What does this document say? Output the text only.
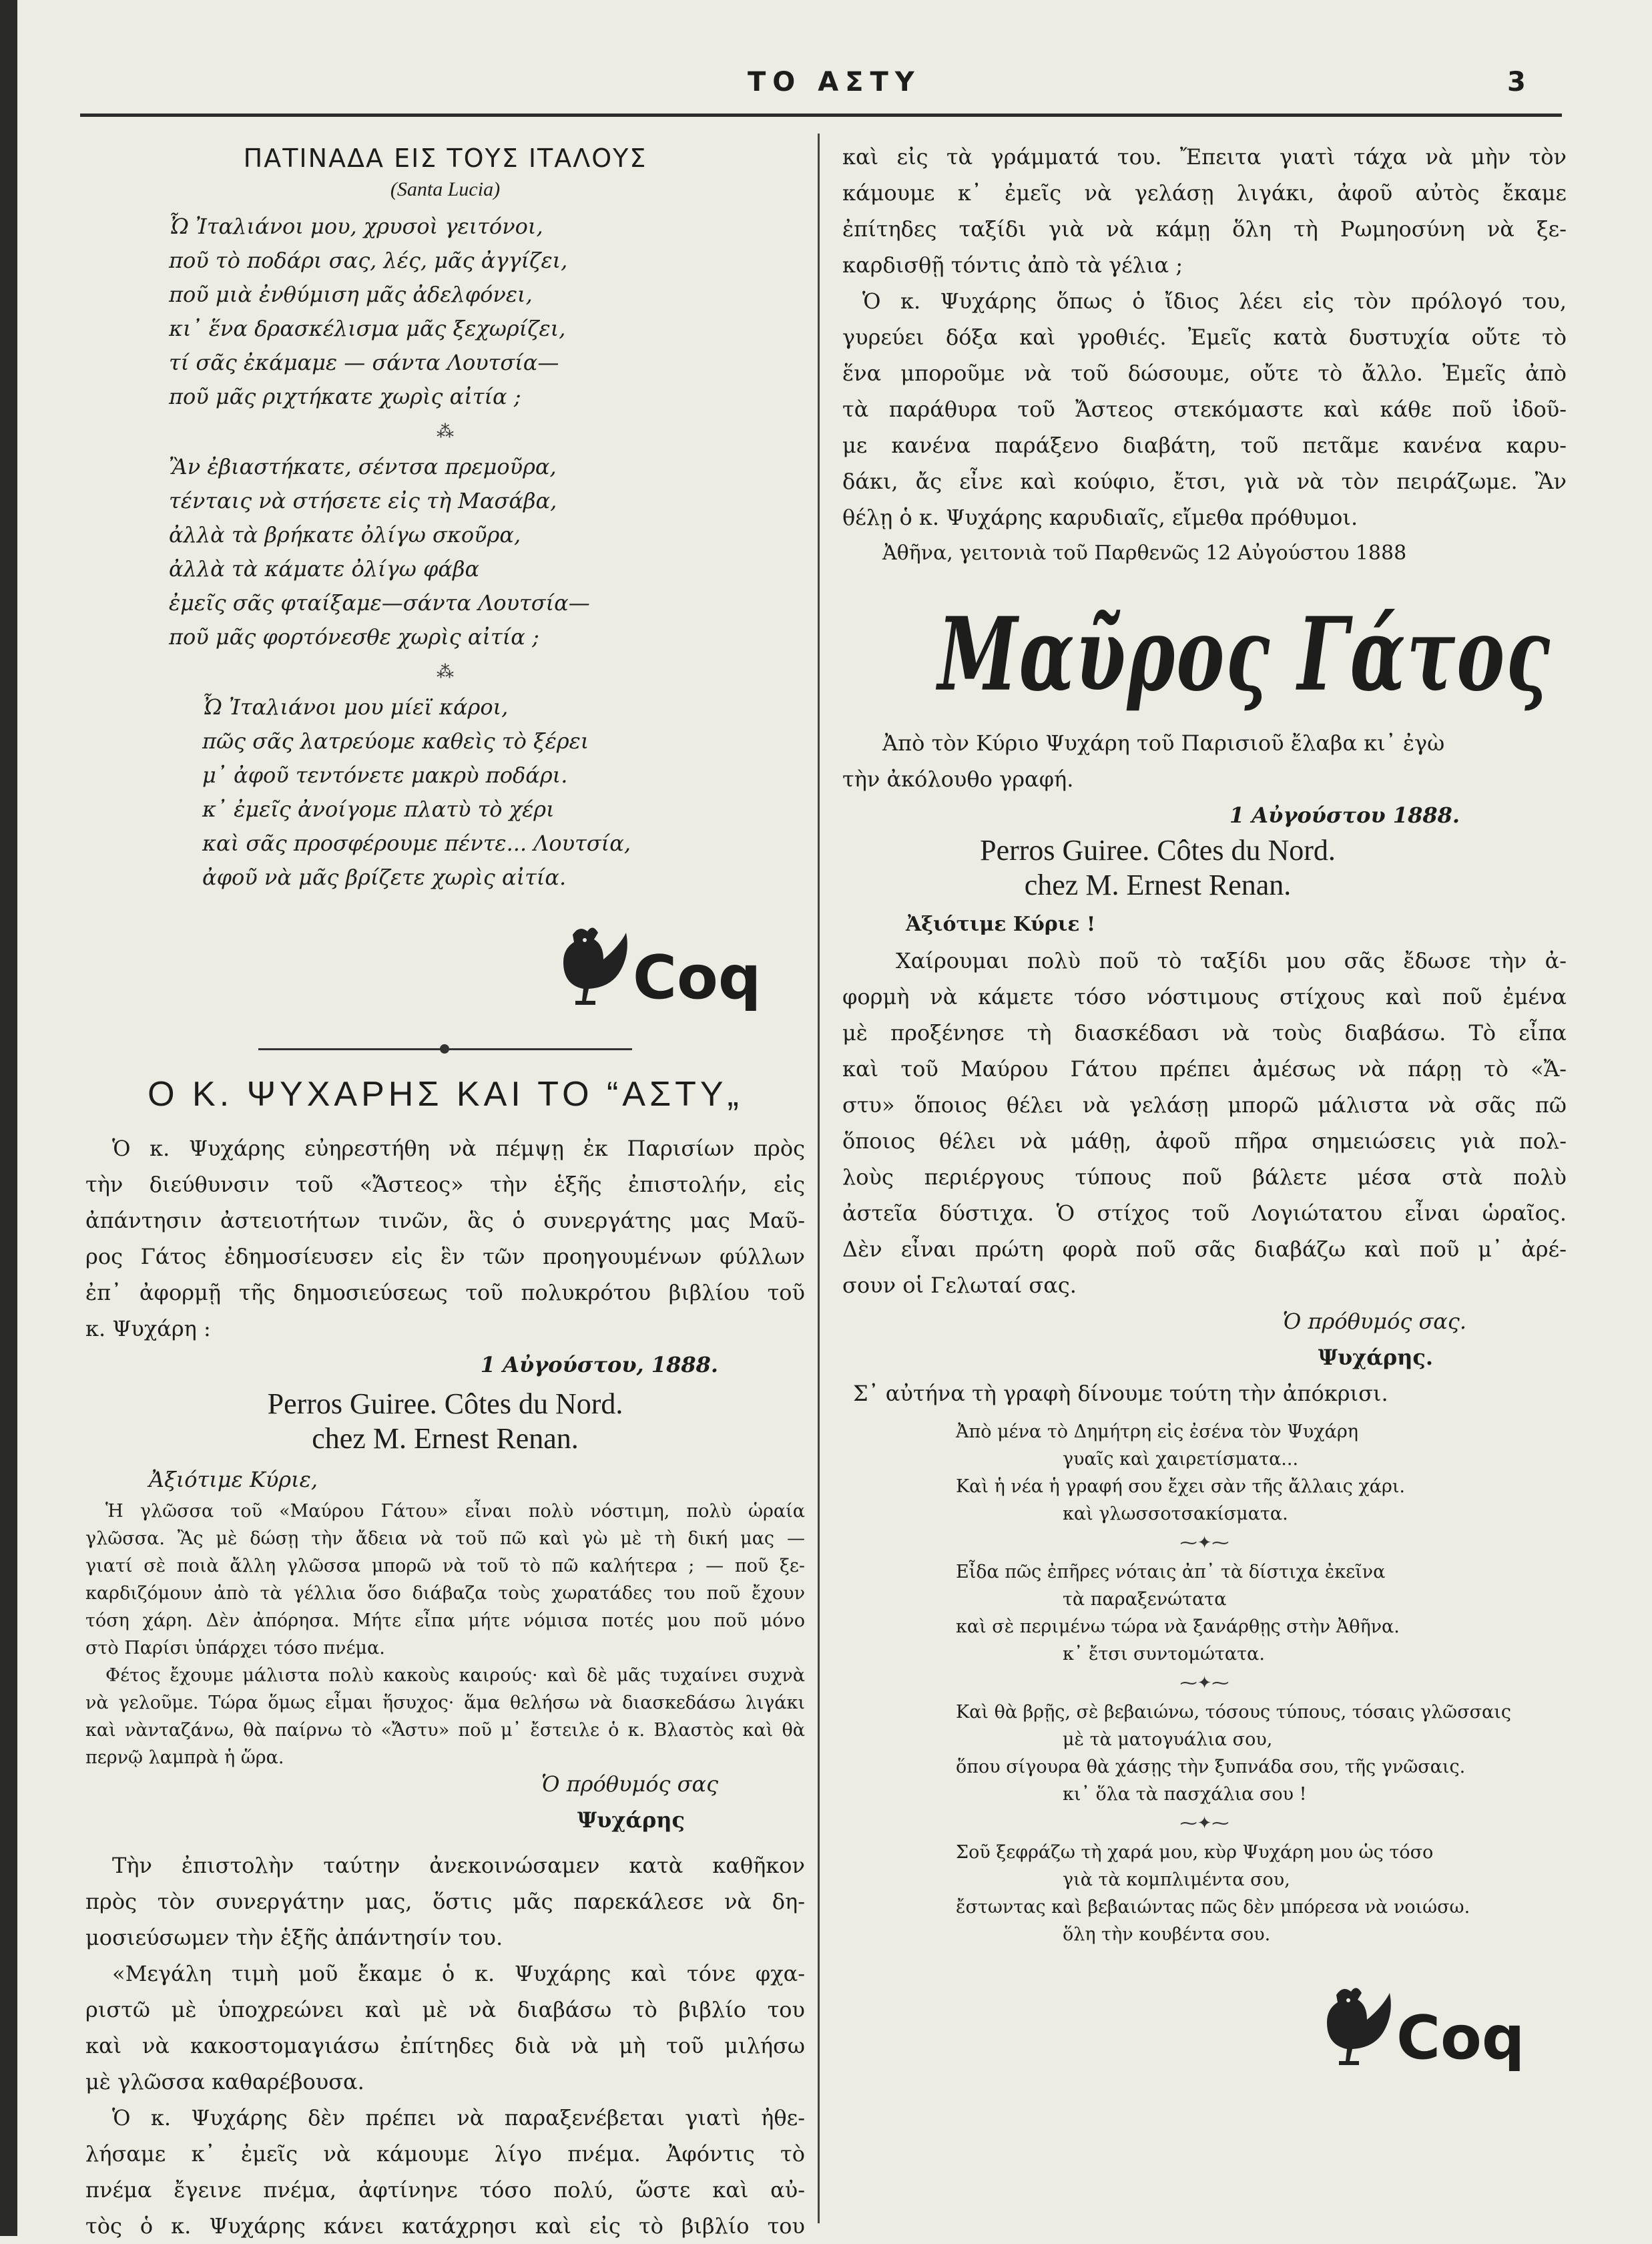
ΤΟ ΑΣΤΥ	3
ΠΑΤΙΝΑΔΑ ΕΙΣ ΤΟΥΣ ΙΤΑΛΟΥΣ
(Santa Lucia)
Ὦ Ἰταλιάνοι μου, χρυσοὶ γειτόνοι,
ποῦ τὸ ποδάρι σας, λές, μᾶς ἀγγίζει,
ποῦ μιὰ ἐνθύμιση μᾶς ἀδελφόνει,
κι᾽ ἕνα δρασκέλισμα μᾶς ξεχωρίζει,
τί σᾶς ἐκάμαμε — σάντα Λουτσία—
ποῦ μᾶς ριχτήκατε χωρὶς αἰτία ;
⁂
Ἂν ἐβιαστήκατε, σέντσα πρεμοῦρα,
τένταις νὰ στήσετε εἰς τὴ Μασάβα,
ἀλλὰ τὰ βρήκατε ὀλίγω σκοῦρα,
ἀλλὰ τὰ κάματε ὀλίγω φάβα
ἐμεῖς σᾶς φταίξαμε—σάντα Λουτσία—
ποῦ μᾶς φορτόνεσθε χωρὶς αἰτία ;
⁂
Ὦ Ἰταλιάνοι μου μίεϊ κάροι,
πῶς σᾶς λατρεύομε καθεὶς τὸ ξέρει
μ᾽ ἀφοῦ τεντόνετε μακρὺ ποδάρι.
κ᾽ ἐμεῖς ἀνοίγομε πλατὺ τὸ χέρι
καὶ σᾶς προσφέρουμε πέντε... Λουτσία,
ἀφοῦ νὰ μᾶς βρίζετε χωρὶς αἰτία.
Coq
Ο Κ. ΨΥΧΑΡΗΣ ΚΑΙ ΤΟ “ΑΣΤΥ„
Ὁ κ. Ψυχάρης εὐηρεστήθη νὰ πέμψῃ ἐκ Παρισίων πρὸς
τὴν διεύθυνσιν τοῦ «Ἄστεος» τὴν ἑξῆς ἐπιστολήν, εἰς
ἀπάντησιν ἀστειοτήτων τινῶν, ἃς ὁ συνεργάτης μας Μαῦ-
ρος Γάτος ἐδημοσίευσεν εἰς ἓν τῶν προηγουμένων φύλλων
ἐπ᾽ ἀφορμῇ τῆς δημοσιεύσεως τοῦ πολυκρότου βιβλίου τοῦ
κ. Ψυχάρη :
1 Αὐγούστου, 1888.
Perros Guiree. Côtes du Nord.
chez M. Ernest Renan.
Ἀξιότιμε Κύριε,
Ἡ γλῶσσα τοῦ «Μαύρου Γάτου» εἶναι πολὺ νόστιμη, πολὺ ὡραία
γλῶσσα. Ἂς μὲ δώσῃ τὴν ἄδεια νὰ τοῦ πῶ καὶ γὼ μὲ τὴ δική μας —
γιατί σὲ ποιὰ ἄλλη γλῶσσα μπορῶ νὰ τοῦ τὸ πῶ καλήτερα ; — ποῦ ξε-
καρδιζόμουν ἀπὸ τὰ γέλλια ὅσο διάβαζα τοὺς χωρατάδες του ποῦ ἔχουν
τόση χάρη. Δὲν ἀπόρησα. Μήτε εἶπα μήτε νόμισα ποτές μου ποῦ μόνο
στὸ Παρίσι ὑπάρχει τόσο πνέμα.
Φέτος ἔχουμε μάλιστα πολὺ κακοὺς καιρούς· καὶ δὲ μᾶς τυχαίνει συχνὰ
νὰ γελοῦμε. Τώρα ὅμως εἶμαι ἥσυχος· ἅμα θελήσω νὰ διασκεδάσω λιγάκι
καὶ νὰνταζάνω, θὰ παίρνω τὸ «Ἄστυ» ποῦ μ᾽ ἔστειλε ὁ κ. Βλαστὸς καὶ θὰ
περνῷ λαμπρὰ ἡ ὥρα.
Ὁ πρόθυμός σας
Ψυχάρης
Τὴν ἐπιστολὴν ταύτην ἀνεκοινώσαμεν κατὰ καθῆκον
πρὸς τὸν συνεργάτην μας, ὅστις μᾶς παρεκάλεσε νὰ δη-
μοσιεύσωμεν τὴν ἑξῆς ἀπάντησίν του.
«Μεγάλη τιμὴ μοῦ ἔκαμε ὁ κ. Ψυχάρης καὶ τόνε φχα-
ριστῶ μὲ ὑποχρεώνει καὶ μὲ νὰ διαβάσω τὸ βιβλίο του
καὶ νὰ κακοστομαγιάσω ἐπίτηδες διὰ νὰ μὴ τοῦ μιλήσω
μὲ γλῶσσα καθαρέβουσα.
Ὁ κ. Ψυχάρης δὲν πρέπει νὰ παραξενέβεται γιατὶ ἠθε-
λήσαμε κ᾽ ἐμεῖς νὰ κάμουμε λίγο πνέμα. Ἀφόντις τὸ
πνέμα ἔγεινε πνέμα, ἀφτίνηνε τόσο πολύ, ὥστε καὶ αὐ-
τὸς ὁ κ. Ψυχάρης κάνει κατάχρησι καὶ εἰς τὸ βιβλίο του
καὶ εἰς τὰ γράμματά του. Ἔπειτα γιατὶ τάχα νὰ μὴν τὸν
κάμουμε κ᾽ ἐμεῖς νὰ γελάσῃ λιγάκι, ἀφοῦ αὐτὸς ἔκαμε
ἐπίτηδες ταξίδι γιὰ νὰ κάμῃ ὅλη τὴ Ρωμηοσύνη νὰ ξε-
καρδισθῇ τόντις ἀπὸ τὰ γέλια ;
Ὁ κ. Ψυχάρης ὅπως ὁ ἴδιος λέει εἰς τὸν πρόλογό του,
γυρεύει δόξα καὶ γροθιές. Ἐμεῖς κατὰ δυστυχία οὔτε τὸ
ἕνα μποροῦμε νὰ τοῦ δώσουμε, οὔτε τὸ ἄλλο. Ἐμεῖς ἀπὸ
τὰ παράθυρα τοῦ Ἄστεος στεκόμαστε καὶ κάθε ποῦ ἰδοῦ-
με κανένα παράξενο διαβάτη, τοῦ πετᾶμε κανένα καρυ-
δάκι, ἄς εἶνε καὶ κούφιο, ἔτσι, γιὰ νὰ τὸν πειράζωμε. Ἂν
θέλῃ ὁ κ. Ψυχάρης καρυδιαῖς, εἴμεθα πρόθυμοι.
Ἀθῆνα, γειτονιὰ τοῦ Παρθενῶς 12 Αὐγούστου 1888
Μαῦρος Γάτος
Ἀπὸ τὸν Κύριο Ψυχάρη τοῦ Παρισιοῦ ἔλαβα κι᾽ ἐγὼ
τὴν ἀκόλουθο γραφή.
1 Αὐγούστου 1888.
Perros Guiree. Côtes du Nord.
chez M. Ernest Renan.
Ἀξιότιμε Κύριε !
Χαίρουμαι πολὺ ποῦ τὸ ταξίδι μου σᾶς ἔδωσε τὴν ἀ-
φορμὴ νὰ κάμετε τόσο νόστιμους στίχους καὶ ποῦ ἐμένα
μὲ προξένησε τὴ διασκέδασι νὰ τοὺς διαβάσω. Τὸ εἶπα
καὶ τοῦ Μαύρου Γάτου πρέπει ἀμέσως νὰ πάρῃ τὸ «Ἄ-
στυ» ὅποιος θέλει νὰ γελάσῃ μπορῶ μάλιστα νὰ σᾶς πῶ
ὅποιος θέλει νὰ μάθῃ, ἀφοῦ πῆρα σημειώσεις γιὰ πολ-
λοὺς περιέργους τύπους ποῦ βάλετε μέσα στὰ πολὺ
ἀστεῖα δύστιχα. Ὁ στίχος τοῦ Λογιώτατου εἶναι ὡραῖος.
Δὲν εἶναι πρώτη φορὰ ποῦ σᾶς διαβάζω καὶ ποῦ μ᾽ ἀρέ-
σουν οἱ Γελωταί σας.
Ὁ πρόθυμός σας.
Ψυχάρης.
Σ᾽ αὐτήνα τὴ γραφὴ δίνουμε τούτη τὴν ἀπόκρισι.
Ἀπὸ μένα τὸ Δημήτρη εἰς ἐσένα τὸν Ψυχάρη
γυαῖς καὶ χαιρετίσματα...
Καὶ ἡ νέα ἡ γραφή σου ἔχει σὰν τῆς ἄλλαις χάρι.
καὶ γλωσσοτσακίσματα.
⁓✦⁓
Εἶδα πῶς ἐπῆρες νόταις ἀπ᾽ τὰ δίστιχα ἐκεῖνα
τὰ παραξενώτατα
καὶ σὲ περιμένω τώρα νὰ ξανάρθῃς στὴν Ἀθῆνα.
κ᾽ ἔτσι συντομώτατα.
⁓✦⁓
Καὶ θὰ βρῇς, σὲ βεβαιώνω, τόσους τύπους, τόσαις γλῶσσαις
μὲ τὰ ματογυάλια σου,
ὅπου σίγουρα θὰ χάσῃς τὴν ξυπνάδα σου, τῆς γνῶσαις.
κι᾽ ὅλα τὰ πασχάλια σου !
⁓✦⁓
Σοῦ ξεφράζω τὴ χαρά μου, κὺρ Ψυχάρη μου ὡς τόσο
γιὰ τὰ κομπλιμέντα σου,
ἔστωντας καὶ βεβαιώντας πῶς δὲν μπόρεσα νὰ νοιώσω.
ὅλη τὴν κουβέντα σου.
Coq
